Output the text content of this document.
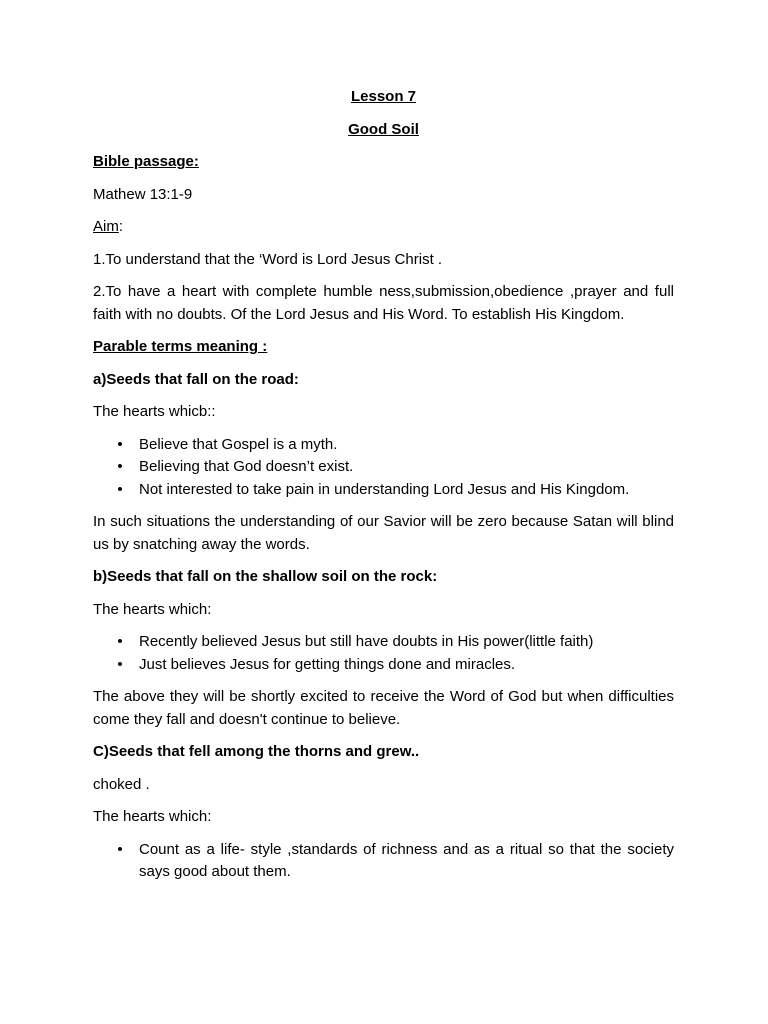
Lesson 7

Good Soil

Bible passage:

Mathew 13:1-9

Aim:

1.To understand that the ‘Word is Lord Jesus Christ .

2.To have a heart with complete humble ness,submission,obedience ,prayer and full faith with no doubts. Of the Lord Jesus and His Word. To establish His Kingdom.

Parable terms meaning :

a)Seeds that fall on the road:

The hearts whicb::

• Believe that Gospel is a myth.
• Believing that God doesn’t exist.
• Not interested to take pain in understanding Lord Jesus and His Kingdom.

In such situations the understanding of our Savior will be zero because Satan will blind us by snatching away the words.

b)Seeds that fall on the shallow soil on the rock:

The hearts which:

• Recently believed Jesus but still have doubts in His power(little faith)
• Just believes Jesus for getting things done and miracles.

The above they will be shortly excited to receive the Word of God but when difficulties come they fall and doesn't continue to believe.

C)Seeds that fell among the thorns and grew..

choked .

The hearts which:

• Count as a life- style ,standards of richness and as a ritual so that the society says good about them.
